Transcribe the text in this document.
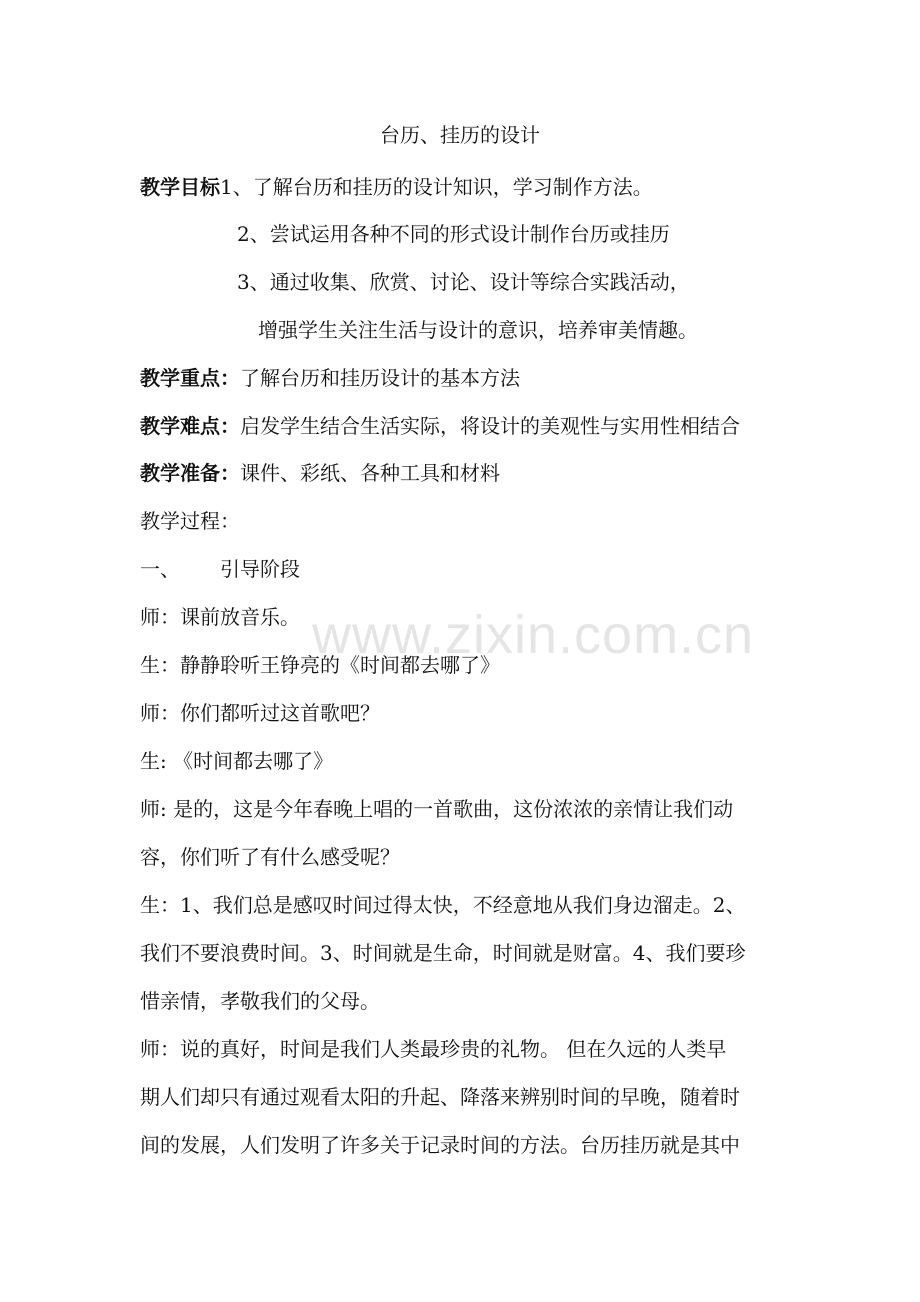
台历、挂历的设计
教学目标1、了解台历和挂历的设计知识，学习制作方法。
2、尝试运用各种不同的形式设计制作台历或挂历
3、通过收集、欣赏、讨论、设计等综合实践活动，
增强学生关注生活与设计的意识，培养审美情趣。
教学重点：了解台历和挂历设计的基本方法
教学难点：启发学生结合生活实际，将设计的美观性与实用性相结合
教学准备：课件、彩纸、各种工具和材料
教学过程：
一、 引导阶段
师：课前放音乐。
生：静静聆听王铮亮的《时间都去哪了》
师：你们都听过这首歌吧？
生: 《时间都去哪了》
师: 是的，这是今年春晚上唱的一首歌曲，这份浓浓的亲情让我们动
容，你们听了有什么感受呢？
生：1、我们总是感叹时间过得太快，不经意地从我们身边溜走。2、
我们不要浪费时间。3、时间就是生命，时间就是财富。4、我们要珍
惜亲情，孝敬我们的父母。
师：说的真好，时间是我们人类最珍贵的礼物。 但在久远的人类早
期人们却只有通过观看太阳的升起、降落来辨别时间的早晚，随着时
间的发展，人们发明了许多关于记录时间的方法。台历挂历就是其中
www.zixin.com.cn
